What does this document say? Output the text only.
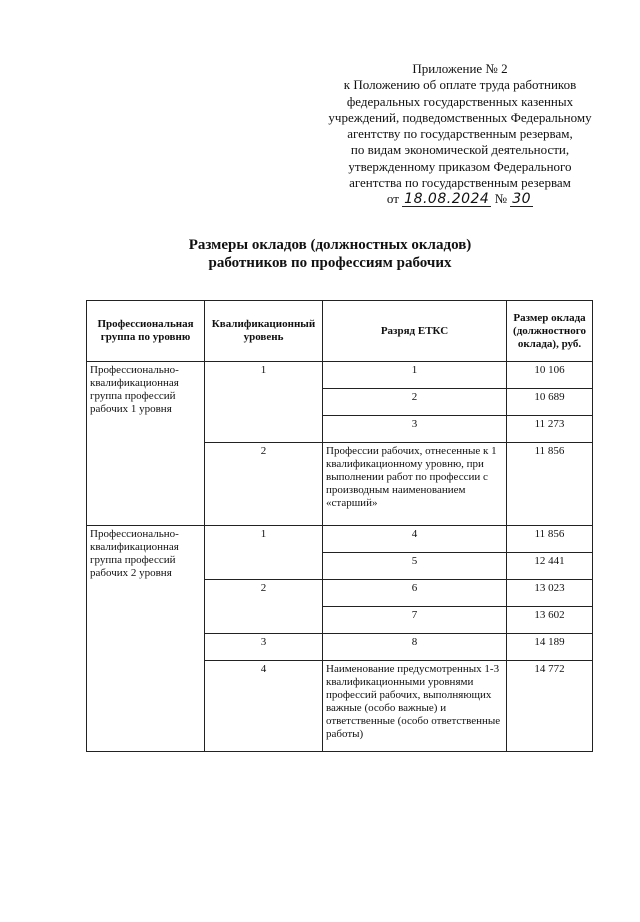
Приложение № 2
к Положению об оплате труда работников
федеральных государственных казенных
учреждений, подведомственных Федеральному
агентству по государственным резервам,
по видам экономической деятельности,
утвержденному приказом Федерального
агентства по государственным резервам
от 18.08.2024 № 30
Размеры окладов (должностных окладов)
работников по профессиям рабочих
Профессиональная группа по уровню	Квалификационный уровень	Разряд ЕТКС	Размер оклада (должностного оклада), руб.
Профессионально-квалификационная группа профессий рабочих 1 уровня	1	1	10 106
		2	10 689
		3	11 273
	2	Профессии рабочих, отнесенные к 1 квалификационному уровню, при выполнении работ по профессии с производным наименованием «старший»	11 856
Профессионально-квалификационная группа профессий рабочих 2 уровня	1	4	11 856
		5	12 441
	2	6	13 023
		7	13 602
	3	8	14 189
	4	Наименование предусмотренных 1-3 квалификационными уровнями профессий рабочих, выполняющих важные (особо важные) и ответственные (особо ответственные работы)	14 772
